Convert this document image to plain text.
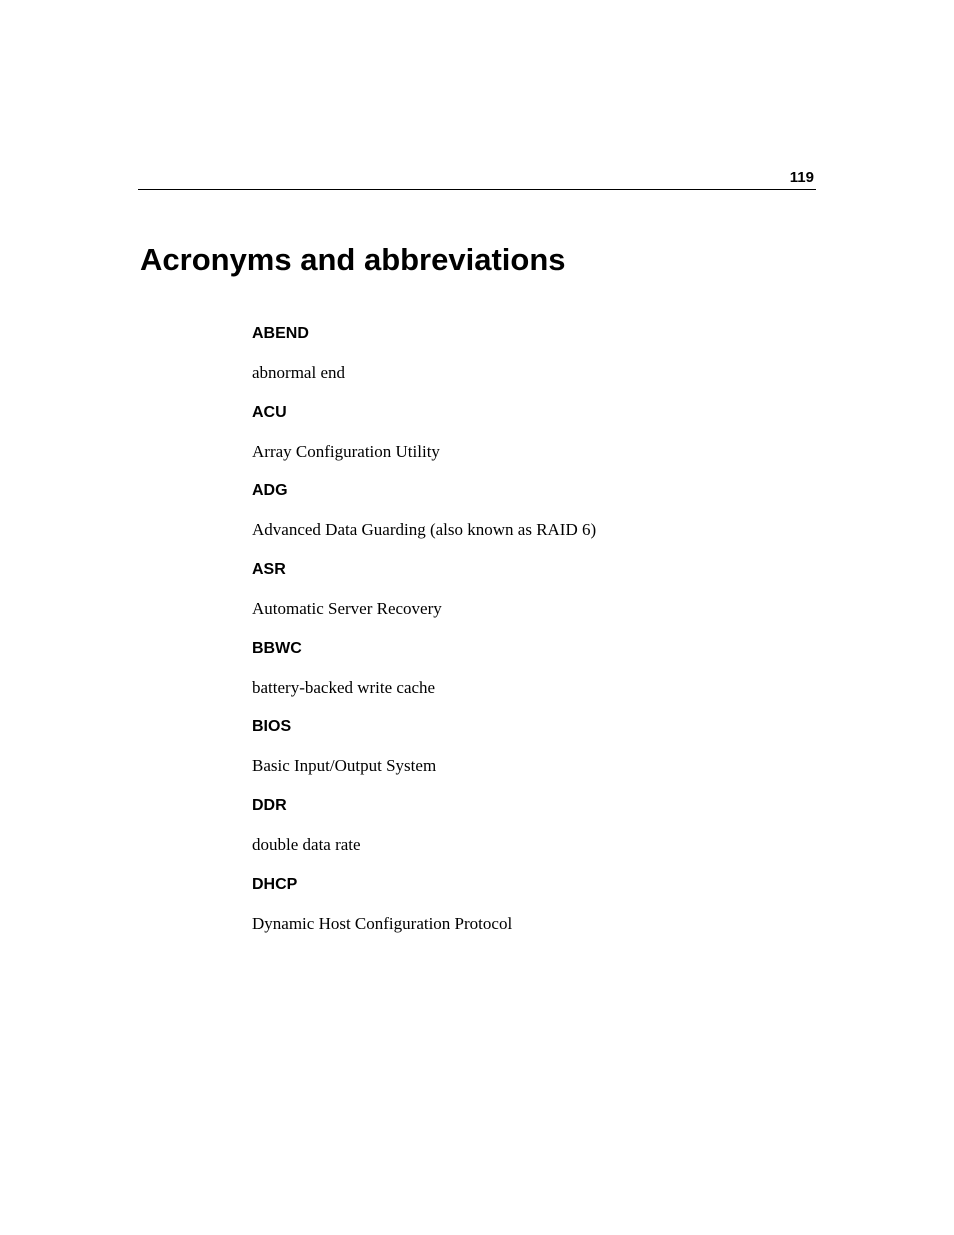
119
Acronyms and abbreviations
ABEND
abnormal end
ACU
Array Configuration Utility
ADG
Advanced Data Guarding (also known as RAID 6)
ASR
Automatic Server Recovery
BBWC
battery-backed write cache
BIOS
Basic Input/Output System
DDR
double data rate
DHCP
Dynamic Host Configuration Protocol
